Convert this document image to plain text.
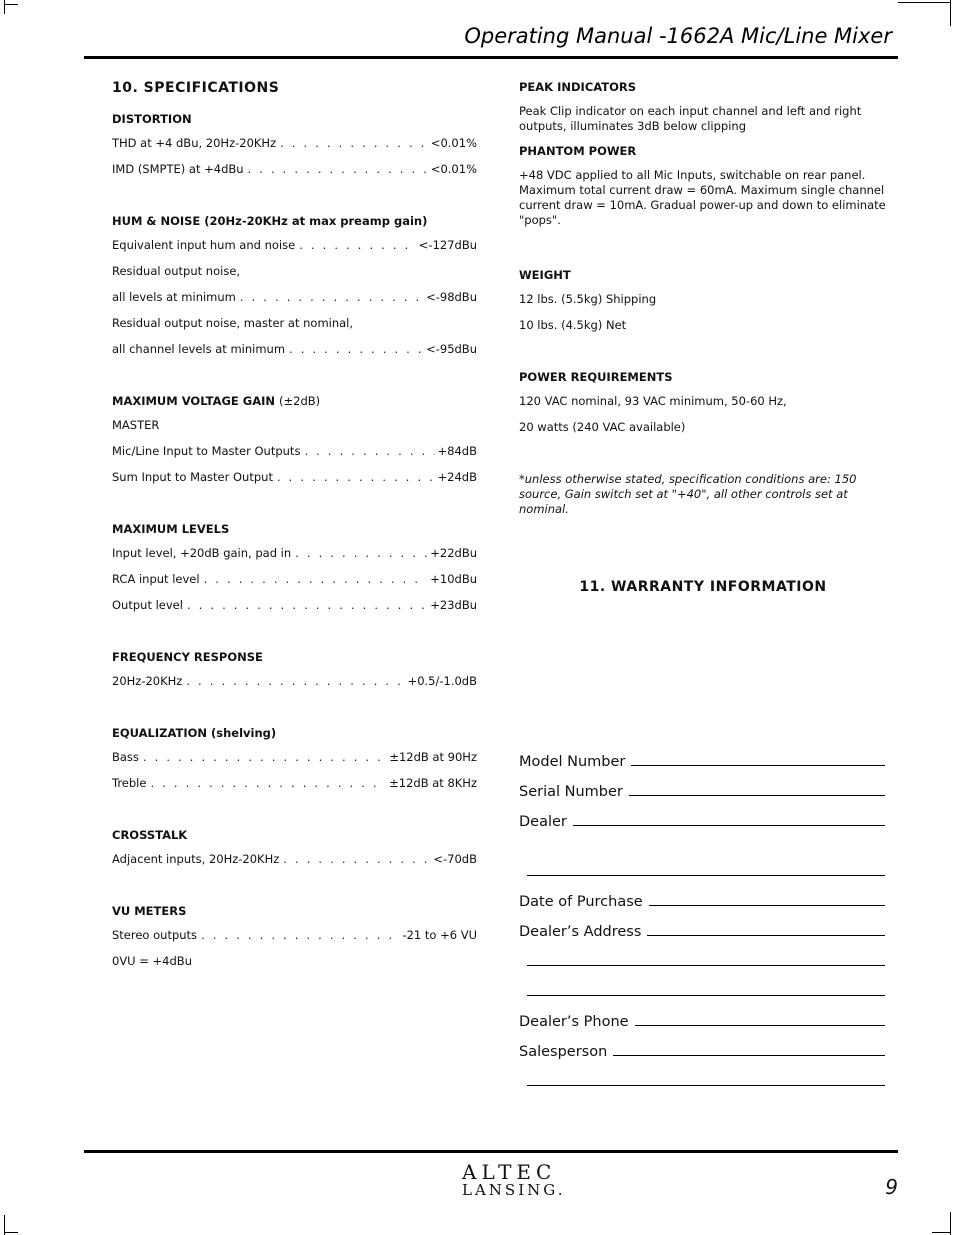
Operating Manual -1662A Mic/Line Mixer
10. SPECIFICATIONS
DISTORTION
THD at +4 dBu, 20Hz-20KHz . . .	<0.01%
IMD (SMPTE) at +4dBu . . .	<0.01%
HUM & NOISE (20Hz-20KHz at max preamp gain)
Equivalent input hum and noise . . .	<-127dBu
Residual output noise,
all levels at minimum . . .	<-98dBu
Residual output noise, master at nominal,
all channel levels at minimum . . .	<-95dBu
MAXIMUM VOLTAGE GAIN (±2dB)
MASTER
Mic/Line Input to Master Outputs . . .	+84dB
Sum Input to Master Output . . .	+24dB
MAXIMUM LEVELS
Input level, +20dB gain, pad in . . .	+22dBu
RCA input level . . .	+10dBu
Output level . . .	+23dBu
FREQUENCY RESPONSE
20Hz-20KHz . . .	+0.5/-1.0dB
EQUALIZATION (shelving)
Bass . . .	±12dB at 90Hz
Treble . . .	±12dB at 8KHz
CROSSTALK
Adjacent inputs, 20Hz-20KHz . . .	<-70dB
VU METERS
Stereo outputs . . .	-21 to +6 VU
0VU = +4dBu
PEAK INDICATORS

Peak Clip indicator on each input channel and left and right outputs, illuminates 3dB below clipping

PHANTOM POWER

+48 VDC applied to all Mic Inputs, switchable on rear panel. Maximum total current draw = 60mA. Maximum single channel current draw = 10mA. Gradual power-up and down to eliminate "pops".

WEIGHT
12 lbs. (5.5kg) Shipping
10 lbs. (4.5kg) Net
POWER REQUIREMENTS
120 VAC nominal, 93 VAC minimum, 50-60 Hz,
20 watts (240 VAC available)

*unless otherwise stated, specification conditions are: 150 source, Gain switch set at "+40", all other controls set at nominal.

11. WARRANTY INFORMATION
Model Number
Serial Number
Dealer
Date of Purchase
Dealer’s Address
Dealer’s Phone
Salesperson
ALTEC
LANSING.	9
